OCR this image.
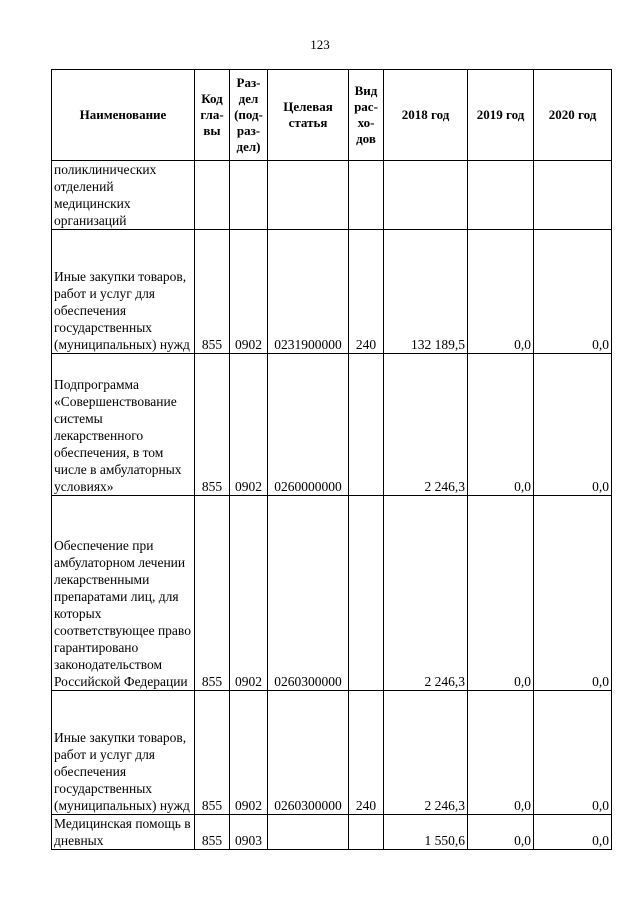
123
Наименование	Код гла-вы	Раз-дел (под-раз-дел)	Целевая статья	Вид рас-хо-дов	2018 год	2019 год	2020 год
поликлинических отделений медицинских организаций							
Иные закупки товаров, работ и услуг для обеспечения государственных (муниципальных) нужд	855	0902	0231900000	240	132 189,5	0,0	0,0
Подпрограмма «Совершенствование системы лекарственного обеспечения, в том числе в амбулаторных условиях»	855	0902	0260000000		2 246,3	0,0	0,0
Обеспечение при амбулаторном лечении лекарственными препаратами лиц, для которых соответствующее право гарантировано законодательством Российской Федерации	855	0902	0260300000		2 246,3	0,0	0,0
Иные закупки товаров, работ и услуг для обеспечения государственных (муниципальных) нужд	855	0902	0260300000	240	2 246,3	0,0	0,0
Медицинская помощь в дневных	855	0903			1 550,6	0,0	0,0
